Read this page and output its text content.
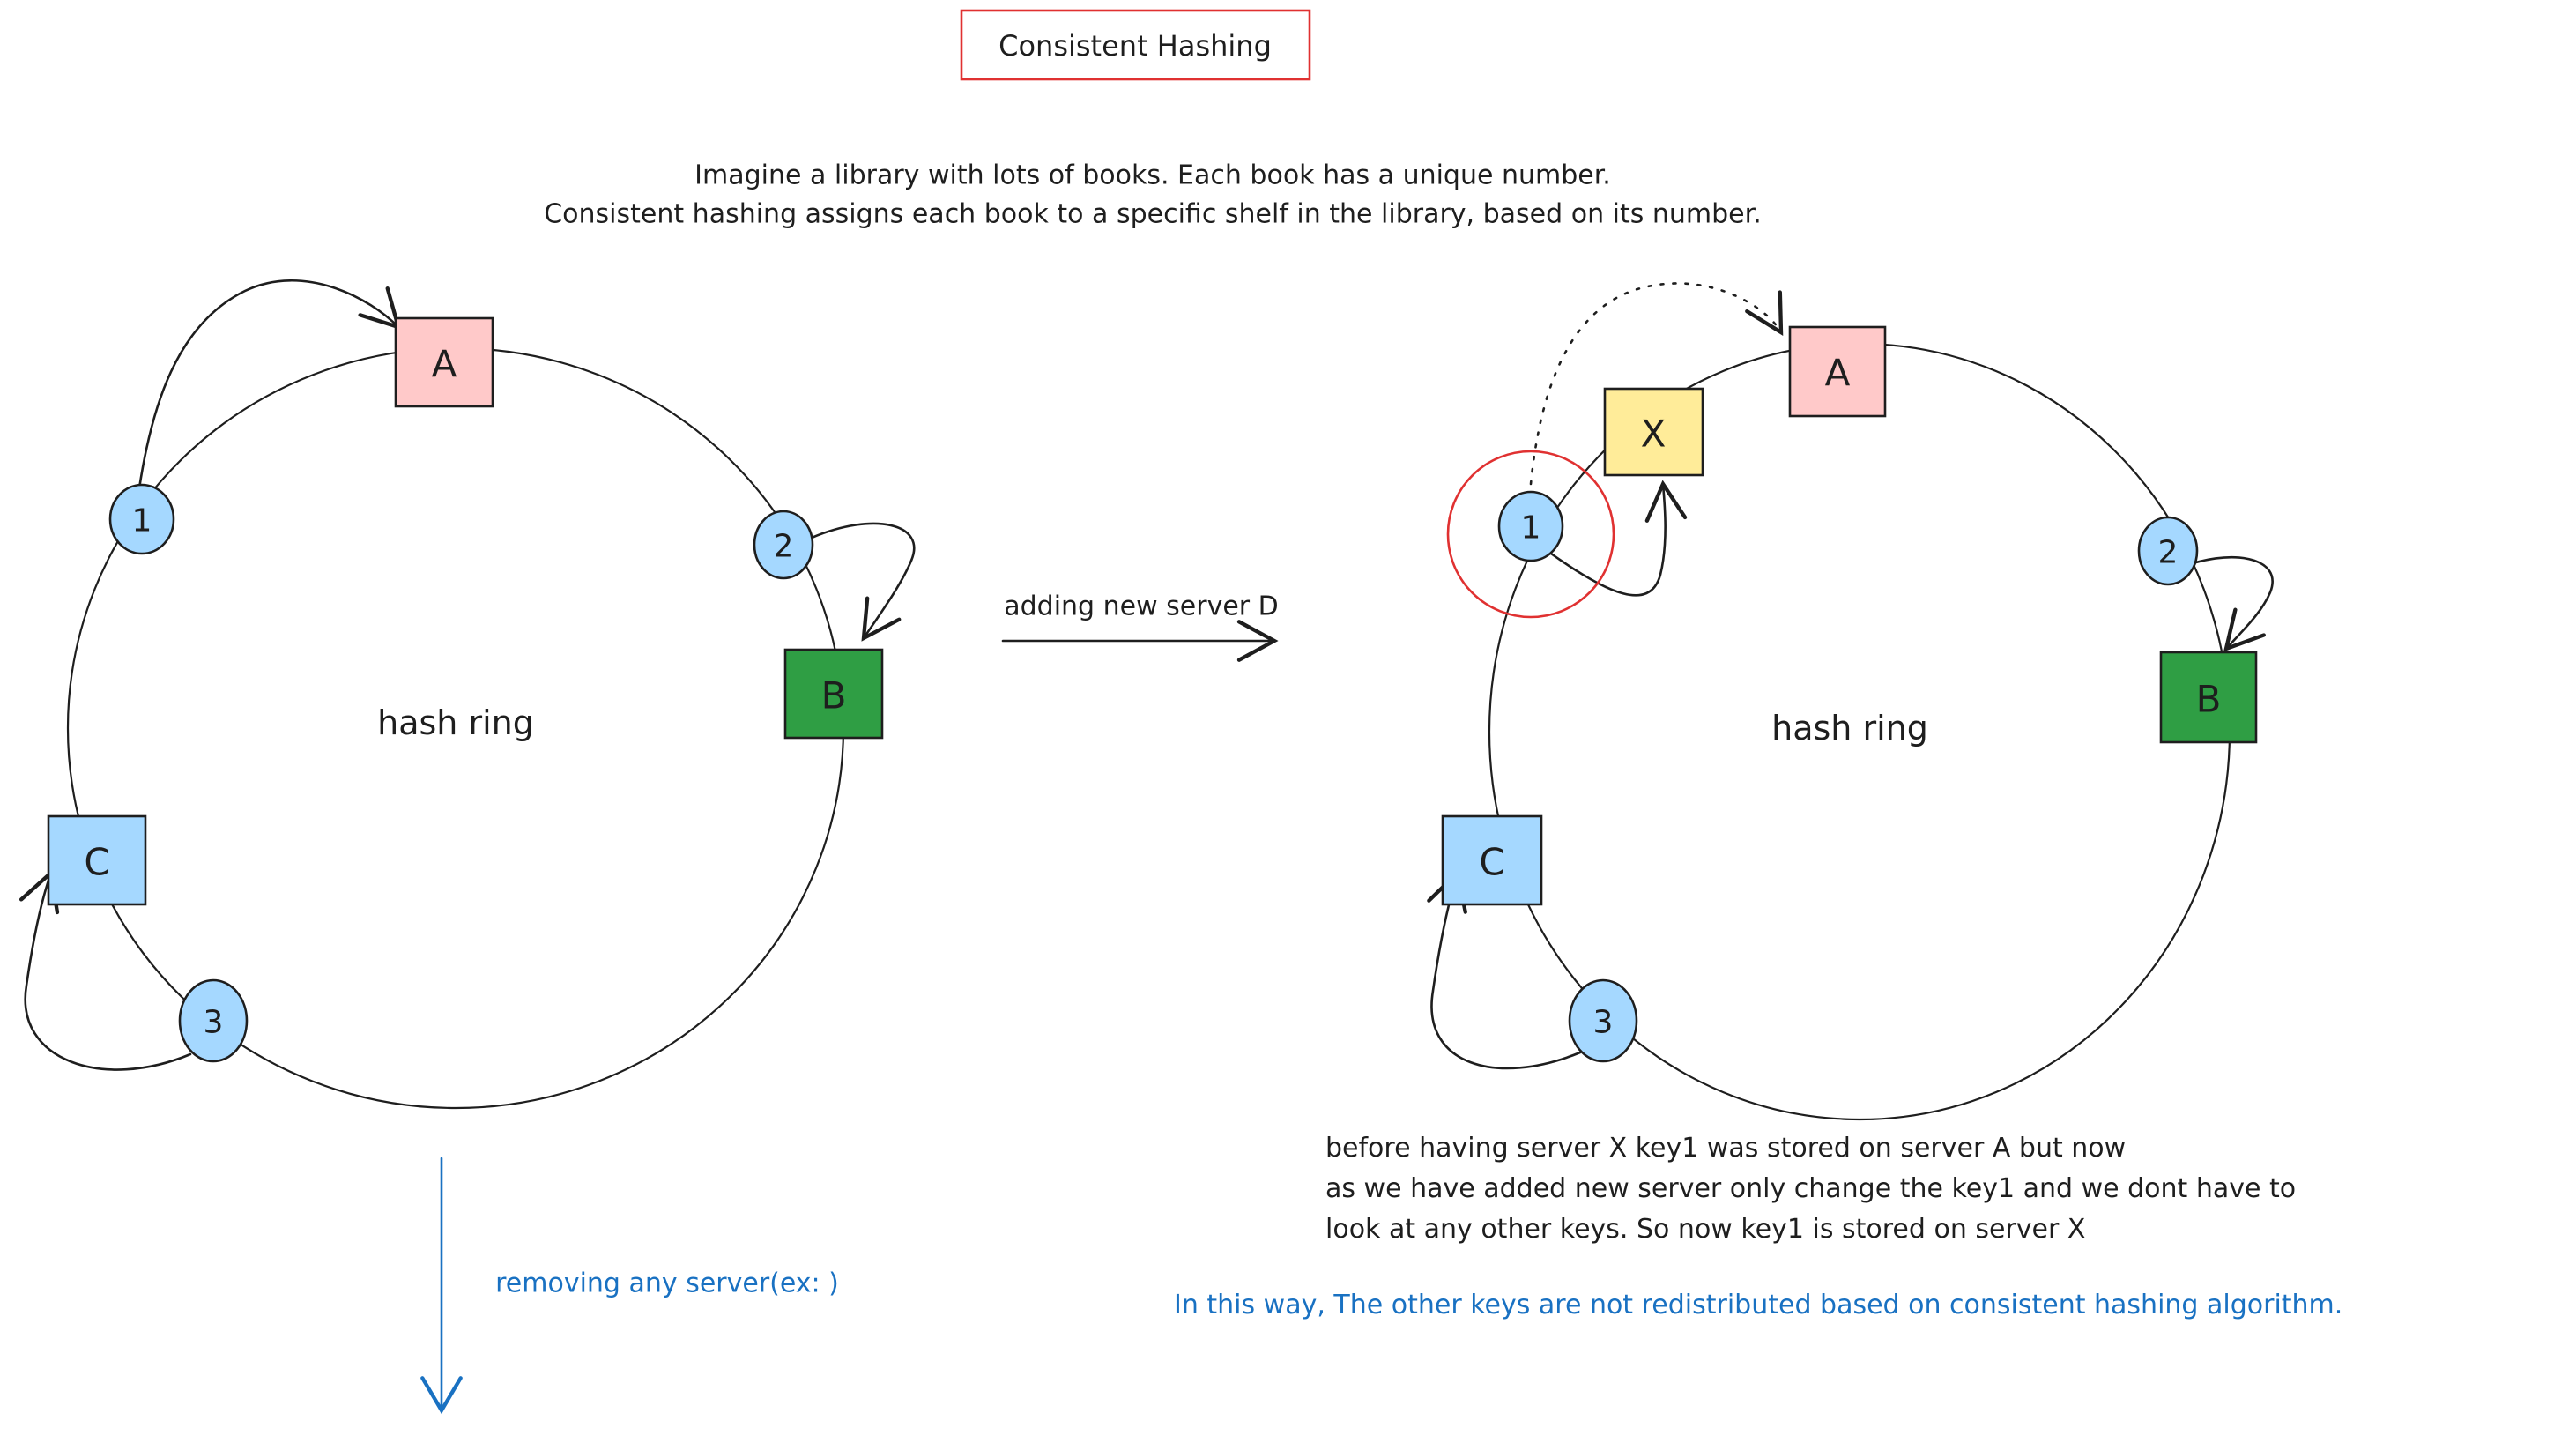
Consistent Hashing
Imagine a library with lots of books. Each book has a unique number.
Consistent hashing assigns each book to a specific shelf in the library, based on its number.
A
B
C
1
2
3
hash ring
adding new server D
X
A
B
C
1
2
3
hash ring
before having server X key1 was stored on server A but now
as we have added new server only change the key1 and we dont have to
look at any other keys. So now key1 is stored on server X
In this way, The other keys are not redistributed based on consistent hashing algorithm.
removing any server(ex: )
